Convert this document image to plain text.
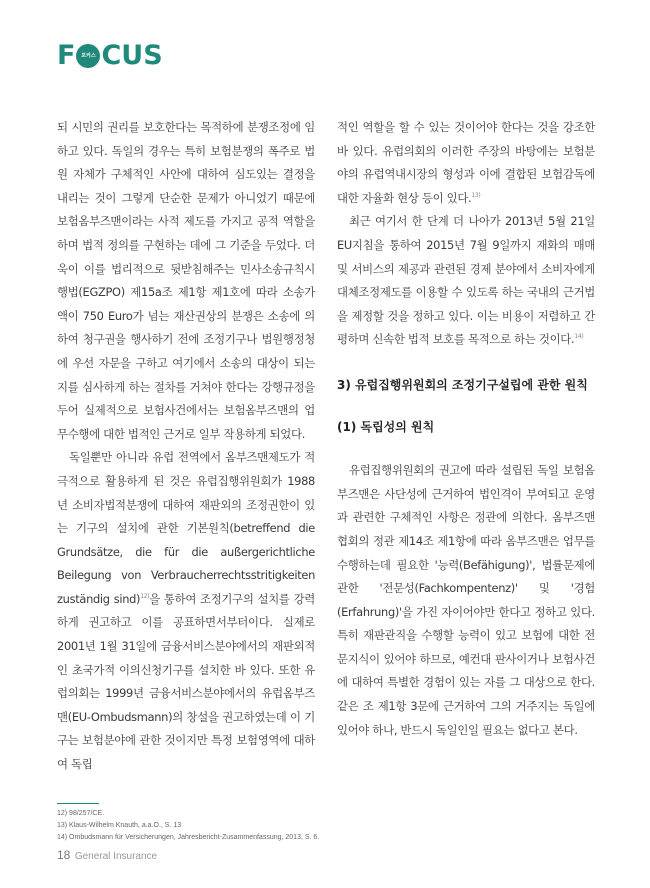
F	포커스 C U S

되 시민의 권리를 보호한다는 목적하에 분쟁조정에 임하고 있다. 독일의 경우는 특히 보험분쟁의 폭주로 법원 자체가 구체적인 사안에 대하여 심도있는 결정을 내리는 것이 그렇게 단순한 문제가 아니었기 때문에 보험옴부즈맨이라는 사적 제도를 가지고 공적 역할을 하며 법적 정의를 구현하는 데에 그 기준을 두었다. 더욱이 이를 법리적으로 뒷받침해주는 민사소송규칙시행법(EGZPO) 제15a조 제1항 제1호에 따라 소송가액이 750 Euro가 넘는 재산권상의 분쟁은 소송에 의하여 청구권을 행사하기 전에 조정기구나 법원행정청에 우선 자문을 구하고 여기에서 소송의 대상이 되는 지를 심사하게 하는 절차를 거쳐야 한다는 강행규정을 두어 실제적으로 보험사건에서는 보험옴부즈맨의 업무수행에 대한 법적인 근거로 일부 작용하게 되었다.

독일뿐만 아니라 유럽 전역에서 옴부즈맨제도가 적극적으로 활용하게 된 것은 유럽집행위원회가 1988년 소비자법적분쟁에 대하여 재판외의 조정권한이 있는 기구의 설치에 관한 기본원칙(betreffend die Grundsätze, die für die außergerichtliche Beilegung von Verbraucherrechtsstritigkeiten zuständig sind)$^{12)}$을 통하여 조정기구의 설치를 강력하게 권고하고 이를 공표하면서부터이다. 실제로 2001년 1월 31일에 금융서비스분야에서의 재판외적인 초국가적 이의신청기구를 설치한 바 있다. 또한 유럽의회는 1999년 금융서비스분야에서의 유럽옴부즈맨(EU-Ombudsmann)의 창설을 권고하였는데 이 기구는 보험분야에 관한 것이지만 특정 보험영역에 대하여 독립

적인 역할을 할 수 있는 것이어야 한다는 것을 강조한 바 있다. 유럽의회의 이러한 주장의 바탕에는 보험분야의 유럽역내시장의 형성과 이에 결합된 보험감독에 대한 자율화 현상 등이 있다.$^{13)}$

최근 여기서 한 단계 더 나아가 2013년 5월 21일 EU지침을 통하여 2015년 7월 9일까지 재화의 매매 및 서비스의 제공과 관련된 경제 분야에서 소비자에게 대체조정제도를 이용할 수 있도록 하는 국내의 근거법을 제정할 것을 정하고 있다. 이는 비용이 저렴하고 간평하며 신속한 법적 보호를 목적으로 하는 것이다.$^{14)}$

3) 유럽집행위원회의 조정기구설립에 관한 원칙
(1) 독립성의 원칙

유럽집행위원회의 권고에 따라 설립된 독일 보험옴부즈맨은 사단성에 근거하여 법인격이 부여되고 운영과 관련한 구체적인 사항은 정관에 의한다. 옴부즈맨 협회의 정관 제14조 제1항에 따라 옴부즈맨은 업무를 수행하는데 필요한 '능력(Befähigung)', 법률문제에 관한 '전문성(Fachkompentenz)' 및 '경험(Erfahrung)'을 가진 자이어야만 한다고 정하고 있다. 특히 재판관직을 수행할 능력이 있고 보험에 대한 전문지식이 있어야 하므로, 예컨대 판사이거나 보험사건에 대하여 특별한 경험이 있는 자를 그 대상으로 한다. 같은 조 제1항 3문에 근거하여 그의 거주지는 독일에 있어야 하나, 반드시 독일인일 필요는 없다고 본다.

12) 98/257/CE.
13) Klaus-Wilhelm Knauth, a.a.O., S. 13
14) Ombudsmann für Versicherungen, Jahresbericht-Zusammenfassung, 2013, S. 6.
18 General Insurance
